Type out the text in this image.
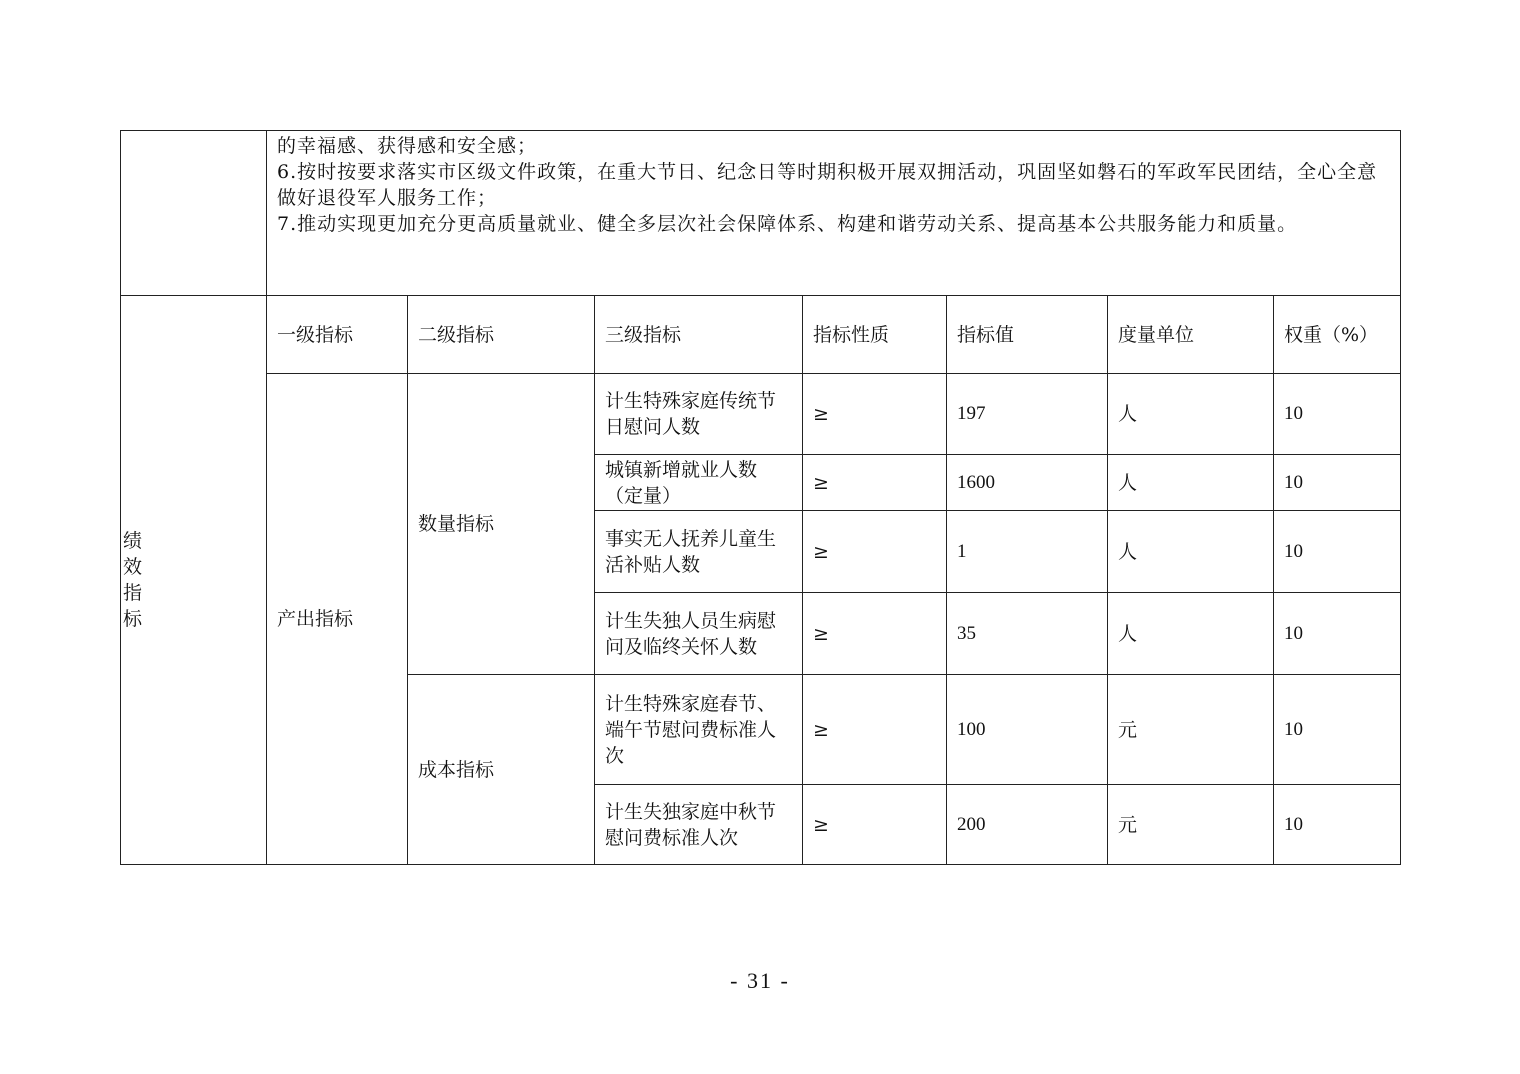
	的幸福感、获得感和安全感；

6.按时按要求落实市区级文件政策，在重大节日、纪念日等时期积极开展双拥活动，巩固坚如磐石的军政军民团结，全心全意做好退役军人服务工作；

7.推动实现更加充分更高质量就业、健全多层次社会保障体系、构建和谐劳动关系、提高基本公共服务能力和质量。						

绩效指标	一级指标	二级指标	三级指标	指标性质	指标值	度量单位	权重（%）
	产出指标	数量指标	计生特殊家庭传统节日慰问人数	≥	197	人	10
			城镇新增就业人数（定量）	≥	1600	人	10
			事实无人抚养儿童生活补贴人数	≥	1	人	10
			计生失独人员生病慰问及临终关怀人数	≥	35	人	10
		成本指标	计生特殊家庭春节、端午节慰问费标准人次	≥	100	元	10
			计生失独家庭中秋节慰问费标准人次	≥	200	元	10
- 31 -
